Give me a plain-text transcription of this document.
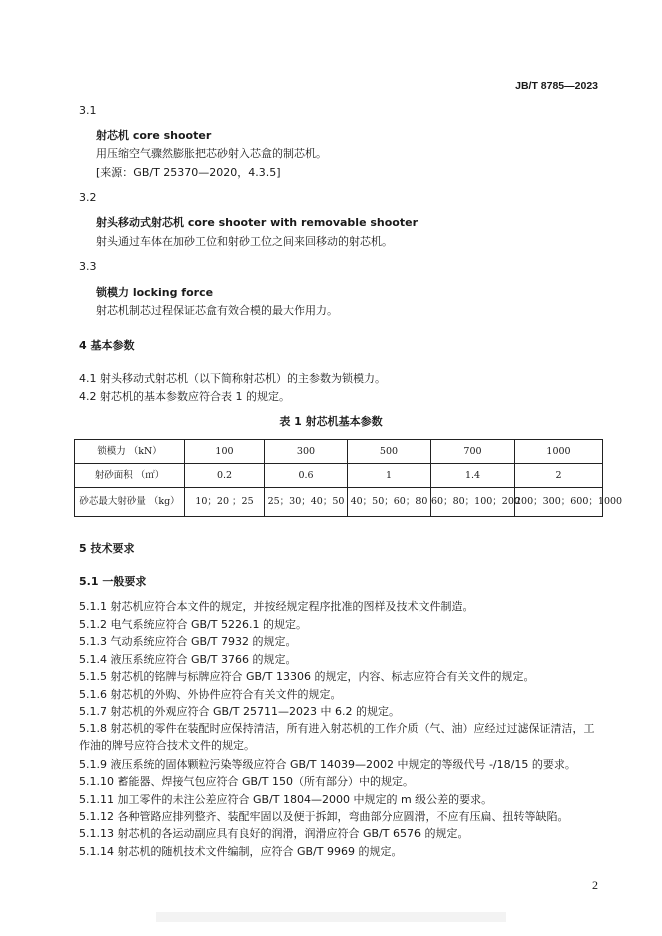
JB/T 8785—2023
3.1
射芯机 core shooter
用压缩空气骤然膨胀把芯砂射入芯盒的制芯机。
[来源：GB/T 25370—2020，4.3.5]
3.2
射头移动式射芯机 core shooter with removable shooter
射头通过车体在加砂工位和射砂工位之间来回移动的射芯机。
3.3
锁模力 locking force
射芯机制芯过程保证芯盒有效合模的最大作用力。
4 基本参数
4.1 射头移动式射芯机（以下简称射芯机）的主参数为锁模力。
4.2 射芯机的基本参数应符合表 1 的规定。
表 1 射芯机基本参数
锁模力 （kN）	100	300	500	700	1000
射砂面积 （㎡）	0.2	0.6	1	1.4	2
砂芯最大射砂量 （kg）	10；20 ；25	25；30；40；50	40；50；60；80	60；80；100；200	200；300；600；1000
5 技术要求
5.1 一般要求
5.1.1 射芯机应符合本文件的规定，并按经规定程序批准的图样及技术文件制造。
5.1.2 电气系统应符合 GB/T 5226.1 的规定。
5.1.3 气动系统应符合 GB/T 7932 的规定。
5.1.4 液压系统应符合 GB/T 3766 的规定。
5.1.5 射芯机的铭牌与标牌应符合 GB/T 13306 的规定，内容、标志应符合有关文件的规定。
5.1.6 射芯机的外购、外协件应符合有关文件的规定。
5.1.7 射芯机的外观应符合 GB/T 25711—2023 中 6.2 的规定。
5.1.8 射芯机的零件在装配时应保持清洁，所有进入射芯机的工作介质（气、油）应经过过滤保证清洁，工作油的牌号应符合技术文件的规定。
5.1.9 液压系统的固体颗粒污染等级应符合 GB/T 14039—2002 中规定的等级代号 -/18/15 的要求。
5.1.10 蓄能器、焊接气包应符合 GB/T 150（所有部分）中的规定。
5.1.11 加工零件的未注公差应符合 GB/T 1804—2000 中规定的 m 级公差的要求。
5.1.12 各种管路应排列整齐、装配牢固以及便于拆卸，弯曲部分应圆滑，不应有压扁、扭转等缺陷。
5.1.13 射芯机的各运动副应具有良好的润滑，润滑应符合 GB/T 6576 的规定。
5.1.14 射芯机的随机技术文件编制，应符合 GB/T 9969 的规定。
2
